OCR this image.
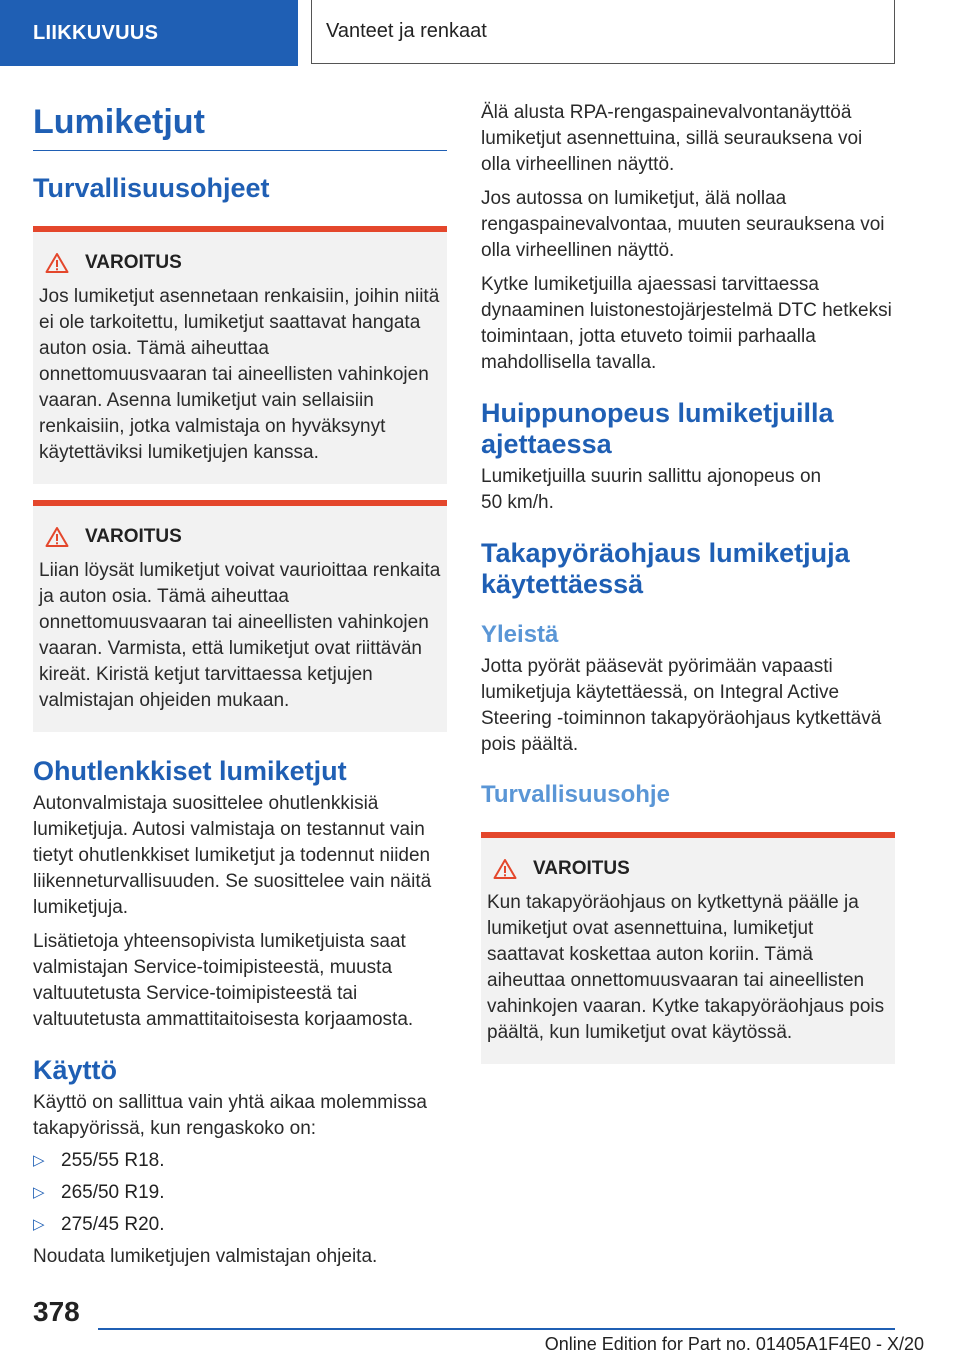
LIIKKUVUUS	Vanteet ja renkaat
Lumiketjut
Turvallisuusohjeet
VAROITUS

Jos lumiketjut asennetaan renkaisiin, joihin niitä ei ole tarkoitettu, lumiketjut saattavat hangata auton osia. Tämä aiheuttaa onnettomuusvaaran tai aineellisten vahinkojen vaaran. Asenna lumiketjut vain sellaisiin renkaisiin, jotka valmistaja on hyväksynyt käytettäviksi lumiketjujen kanssa.

VAROITUS

Liian löysät lumiketjut voivat vaurioittaa renkaita ja auton osia. Tämä aiheuttaa onnettomuusvaaran tai aineellisten vahinkojen vaaran. Varmista, että lumiketjut ovat riittävän kireät. Kiristä ketjut tarvittaessa ketjujen valmistajan ohjeiden mukaan.

Ohutlenkkiset lumiketjut

Autonvalmistaja suosittelee ohutlenkkisiä lumiketjuja. Autosi valmistaja on testannut vain tietyt ohutlenkkiset lumiketjut ja todennut niiden liikenneturvallisuuden. Se suosittelee vain näitä lumiketjuja.

Lisätietoja yhteensopivista lumiketjuista saat valmistajan Service-toimipisteestä, muusta valtuutetusta Service-toimipisteestä tai valtuutetusta ammattitaitoisesta korjaamosta.

Käyttö

Käyttö on sallittua vain yhtä aikaa molemmissa takapyörissä, kun rengaskoko on:

▷ 255/55 R18.
▷ 265/50 R19.
▷ 275/45 R20.

Noudata lumiketjujen valmistajan ohjeita.

Älä alusta RPA-rengaspainevalvontanäyttöä lumiketjut asennettuina, sillä seurauksena voi olla virheellinen näyttö.

Jos autossa on lumiketjut, älä nollaa rengaspainevalvontaa, muuten seurauksena voi olla virheellinen näyttö.

Kytke lumiketjuilla ajaessasi tarvittaessa dynaaminen luistonestojärjestelmä DTC hetkeksi toimintaan, jotta etuveto toimii parhaalla mahdollisella tavalla.

Huippunopeus lumiketjuilla ajettaessa

Lumiketjuilla suurin sallittu ajonopeus on 50 km/h.

Takapyöräohjaus lumiketjuja käytettäessä
Yleistä

Jotta pyörät pääsevät pyörimään vapaasti lumiketjuja käytettäessä, on Integral Active Steering -toiminnon takapyöräohjaus kytkettävä pois päältä.

Turvallisuusohje
VAROITUS

Kun takapyöräohjaus on kytkettynä päälle ja lumiketjut ovat asennettuina, lumiketjut saattavat koskettaa auton koriin. Tämä aiheuttaa onnettomuusvaaran tai aineellisten vahinkojen vaaran. Kytke takapyöräohjaus pois päältä, kun lumiketjut ovat käytössä.

378
Online Edition for Part no. 01405A1F4E0 - X/20
